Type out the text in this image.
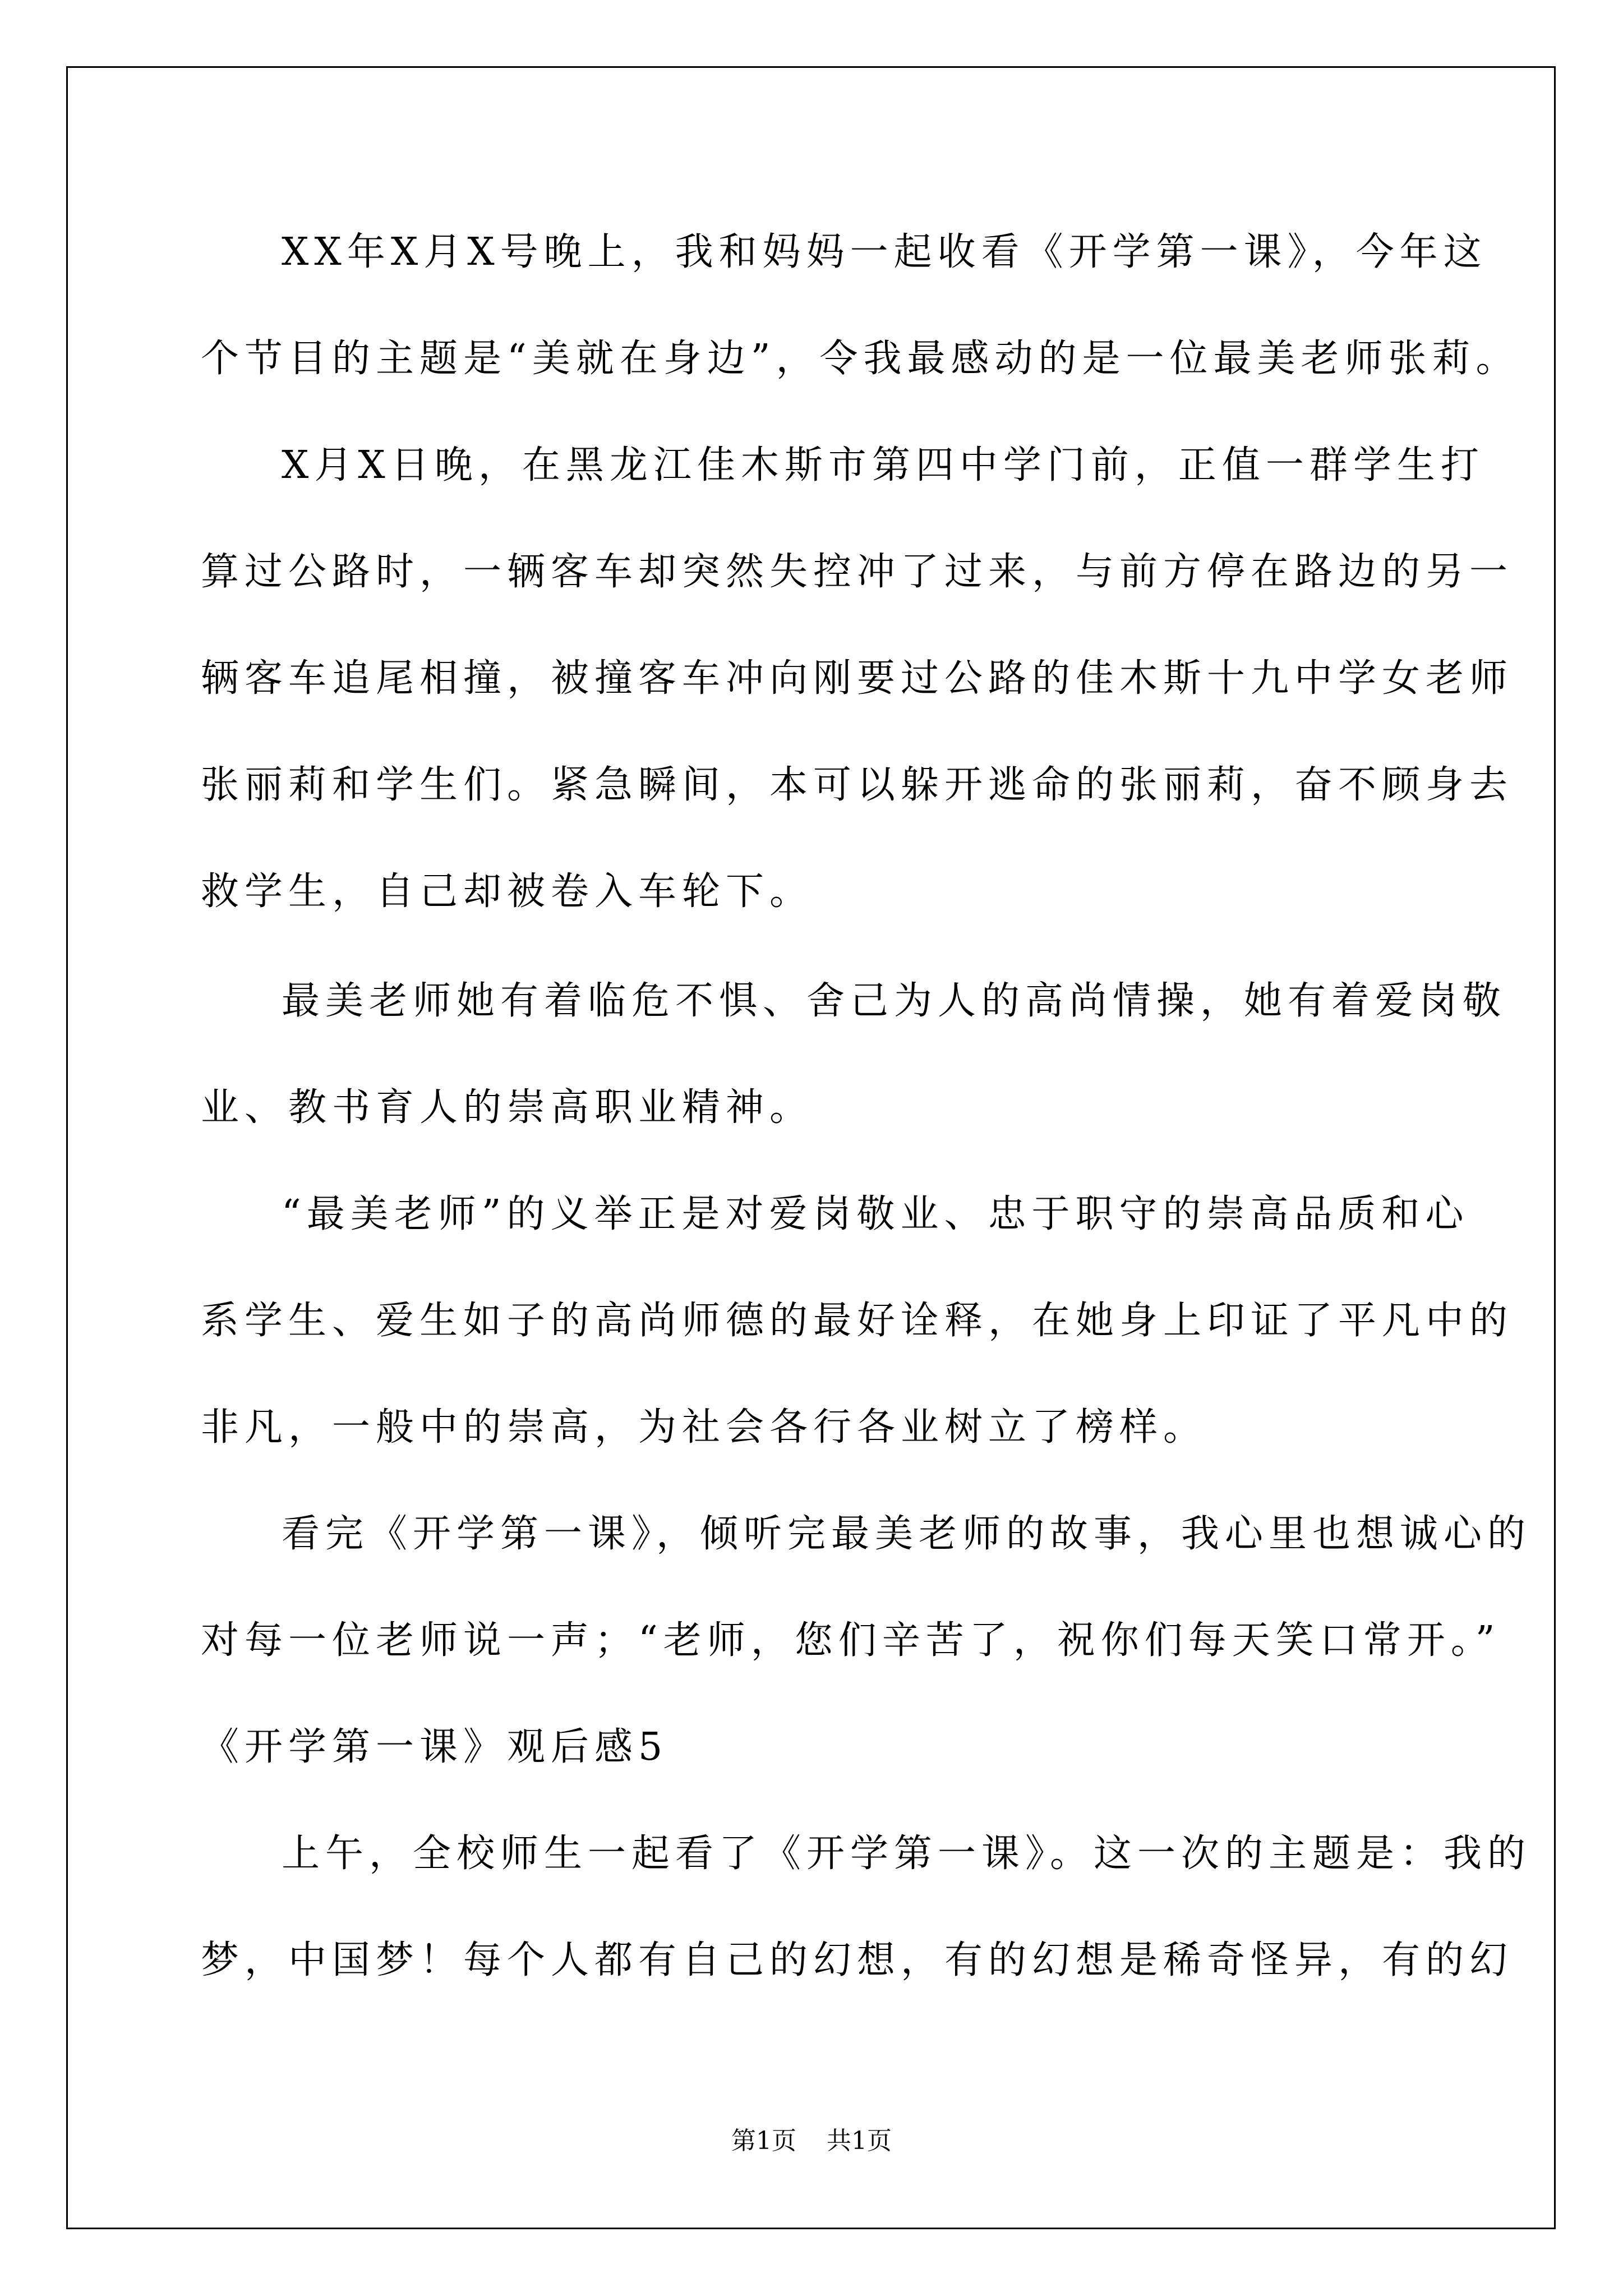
XX年X月X号晚上，我和妈妈一起收看《开学第一课》，今年这
个节目的主题是“美就在身边”，令我最感动的是一位最美老师张莉。
X月X日晚，在黑龙江佳木斯市第四中学门前，正值一群学生打
算过公路时，一辆客车却突然失控冲了过来，与前方停在路边的另一
辆客车追尾相撞，被撞客车冲向刚要过公路的佳木斯十九中学女老师
张丽莉和学生们。紧急瞬间，本可以躲开逃命的张丽莉，奋不顾身去
救学生，自己却被卷入车轮下。
最美老师她有着临危不惧、舍己为人的高尚情操，她有着爱岗敬
业、教书育人的崇高职业精神。
“最美老师”的义举正是对爱岗敬业、忠于职守的崇高品质和心
系学生、爱生如子的高尚师德的最好诠释，在她身上印证了平凡中的
非凡，一般中的崇高，为社会各行各业树立了榜样。
看完《开学第一课》，倾听完最美老师的故事，我心里也想诚心的
对每一位老师说一声；“老师，您们辛苦了，祝你们每天笑口常开。”
《开学第一课》观后感5
上午，全校师生一起看了《开学第一课》。这一次的主题是：我的
梦，中国梦！每个人都有自己的幻想，有的幻想是稀奇怪异，有的幻
第1页 共1页
